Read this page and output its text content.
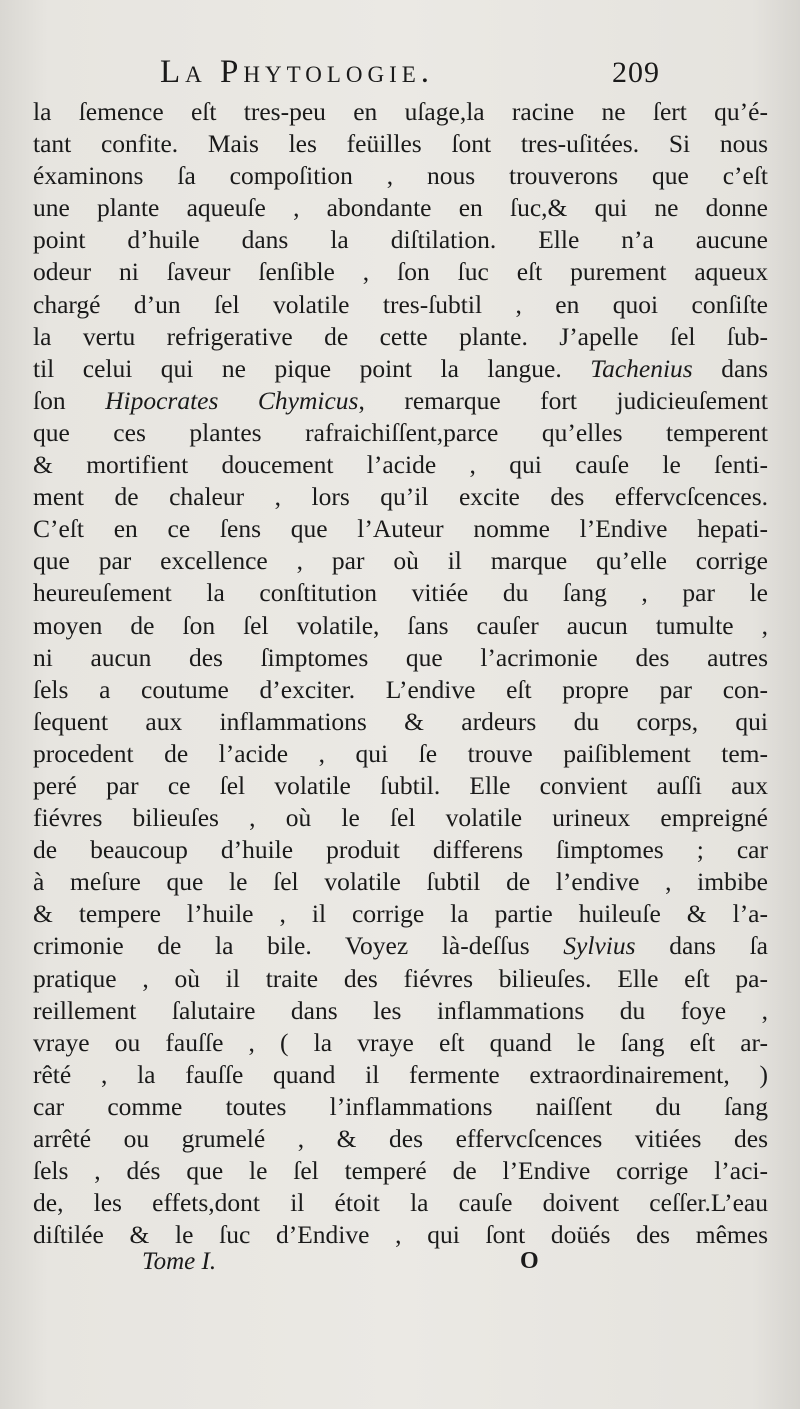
La Phytologie.	209
la ſemence eſt tres-peu en uſage,la racine ne ſert qu’é-
tant confite. Mais les feüilles ſont tres-uſitées. Si nous
éxaminons ſa compoſition , nous trouverons que c’eſt
une plante aqueuſe , abondante en ſuc,& qui ne donne
point d’huile dans la diſtilation. Elle n’a aucune
odeur ni ſaveur ſenſible , ſon ſuc eſt purement aqueux
chargé d’un ſel volatile tres-ſubtil , en quoi conſiſte
la vertu refrigerative de cette plante. J’apelle ſel ſub-
til celui qui ne pique point la langue. Tachenius dans
ſon Hipocrates Chymicus, remarque fort judicieuſement
que ces plantes rafraichiſſent,parce qu’elles temperent
& mortifient doucement l’acide , qui cauſe le ſenti-
ment de chaleur , lors qu’il excite des effervcſcences.
C’eſt en ce ſens que l’Auteur nomme l’Endive hepati-
que par excellence , par où il marque qu’elle corrige
heureuſement la conſtitution vitiée du ſang , par le
moyen de ſon ſel volatile, ſans cauſer aucun tumulte ,
ni aucun des ſimptomes que l’acrimonie des autres
ſels a coutume d’exciter. L’endive eſt propre par con-
ſequent aux inflammations & ardeurs du corps, qui
procedent de l’acide , qui ſe trouve paiſiblement tem-
peré par ce ſel volatile ſubtil. Elle convient auſſi aux
fiévres bilieuſes , où le ſel volatile urineux empreigné
de beaucoup d’huile produit differens ſimptomes ; car
à meſure que le ſel volatile ſubtil de l’endive , imbibe
& tempere l’huile , il corrige la partie huileuſe & l’a-
crimonie de la bile. Voyez là-deſſus Sylvius dans ſa
pratique , où il traite des fiévres bilieuſes. Elle eſt pa-
reillement ſalutaire dans les inflammations du foye ,
vraye ou fauſſe , ( la vraye eſt quand le ſang eſt ar-
rêté , la fauſſe quand il fermente extraordinairement, )
car comme toutes l’inflammations naiſſent du ſang
arrêté ou grumelé , & des effervcſcences vitiées des
ſels , dés que le ſel temperé de l’Endive corrige l’aci-
de, les effets,dont il étoit la cauſe doivent ceſſer.L’eau
diſtilée & le ſuc d’Endive , qui ſont doüés des mêmes
Tome I.	O
